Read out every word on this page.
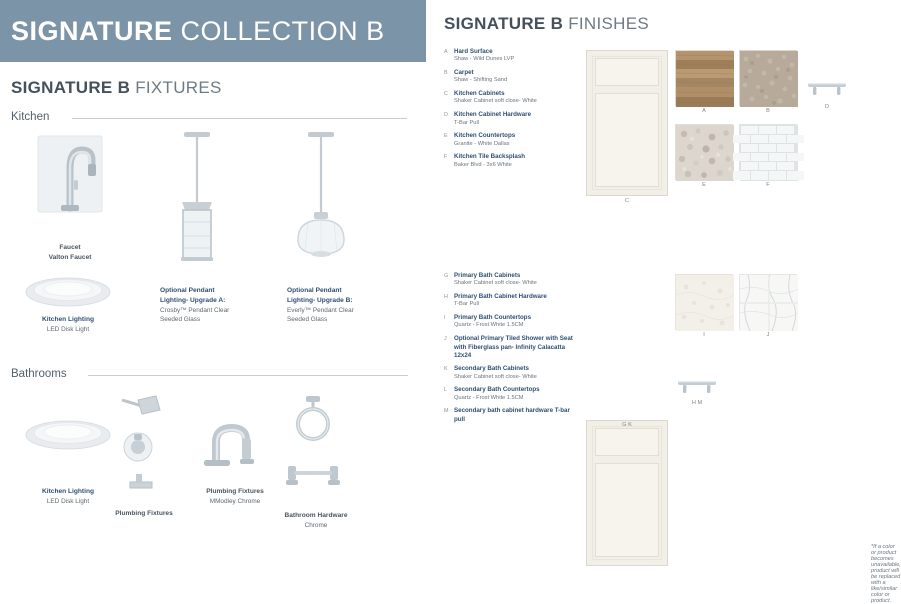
SIGNATURE COLLECTION B
SIGNATURE B FIXTURES
Kitchen
Faucet
Valton Faucet
Kitchen Lighting
LED Disk Light
Optional Pendant
Lighting- Upgrade A:
Crosby™ Pendant Clear
Seeded Glass
Optional Pendant
Lighting- Upgrade B:
Everly™ Pendant Clear
Seeded Glass
Bathrooms
Kitchen Lighting
LED Disk Light
Plumbing Fixtures
Plumbing Fixtures
MModley Chrome
Bathroom Hardware
Chrome
SIGNATURE B FINISHES
A	Hard Surface
Shaw - Wild Dunes LVP
B	Carpet
Shaw - Shifting Sand
C Kitchen Cabinets
Shaker Cabinet soft close- White
D Kitchen Cabinet Hardware
T-Bar Pull
E	Kitchen Countertops
Granite - White Dallas
F	Kitchen Tile Backsplash
Baker Blvd - 3x6 White
C
A	B
D
E	F
G Primary Bath Cabinets
Shaker Cabinet soft close- White
H Primary Bath Cabinet Hardware
T-Bar Pull
I	Primary Bath Countertops
Quartz - Frost White 1.5CM
J	Optional Primary Tiled Shower with Seat with Fiberglass pan- Infinity Calacatta 12x24
K	Secondary Bath Cabinets
Shaker Cabinet soft close- White
L	Secondary Bath Countertops
Quartz - Frost White 1.5CM
M Secondary bath cabinet hardware T-bar pull
G K
I	J
H M
*If a color or product becomes unavailable, product will be replaced with a like/similar color or product.
